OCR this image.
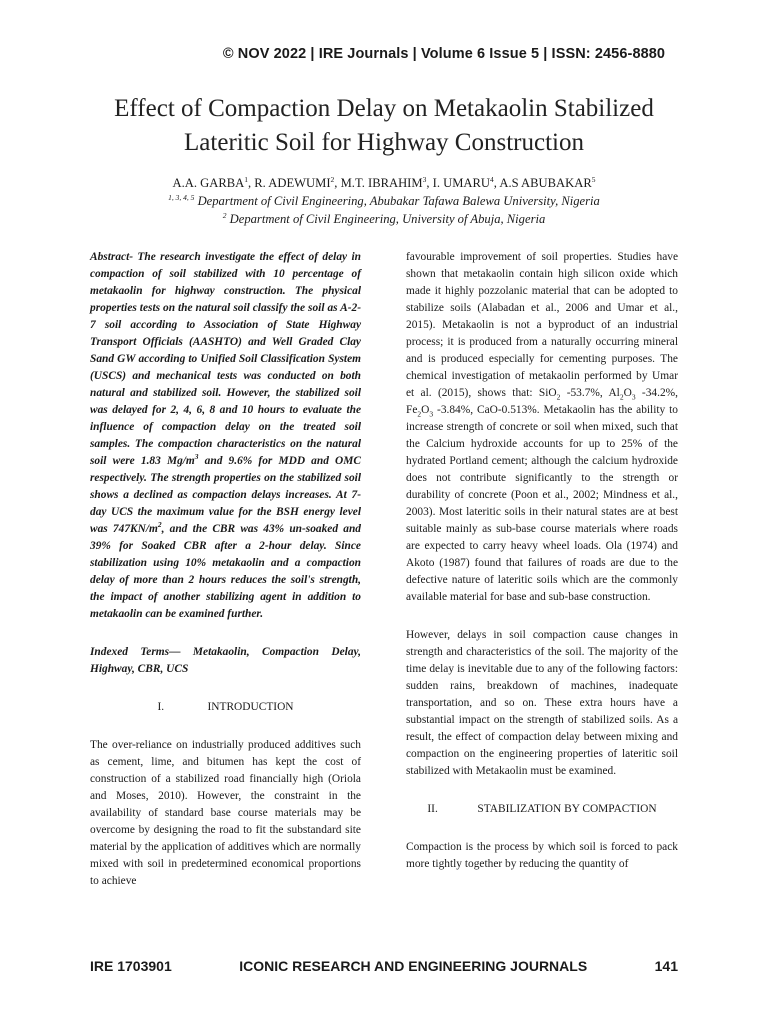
© NOV 2022 | IRE Journals | Volume 6 Issue 5 | ISSN: 2456-8880
Effect of Compaction Delay on Metakaolin Stabilized
Lateritic Soil for Highway Construction
A.A. GARBA$^1$, R. ADEWUMI$^2$, M.T. IBRAHIM$^3$, I. UMARU$^4$, A.S ABUBAKAR$^5$
$^{1, 3, 4, 5}$ Department of Civil Engineering, Abubakar Tafawa Balewa University, Nigeria
$^2$ Department of Civil Engineering, University of Abuja, Nigeria

Abstract- The research investigate the effect of delay in compaction of soil stabilized with 10 percentage of metakaolin for highway construction. The physical properties tests on the natural soil classify the soil as A-2-7 soil according to Association of State Highway Transport Officials (AASHTO) and Well Graded Clay Sand GW according to Unified Soil Classification System (USCS) and mechanical tests was conducted on both natural and stabilized soil. However, the stabilized soil was delayed for 2, 4, 6, 8 and 10 hours to evaluate the influence of compaction delay on the treated soil samples. The compaction characteristics on the natural soil were 1.83 $Mg/m^3$ and 9.6% for MDD and OMC respectively. The strength properties on the stabilized soil shows a declined as compaction delays increases. At 7-day UCS the maximum value for the BSH energy level was $747KN/m^2$, and the CBR was 43% un-soaked and 39% for Soaked CBR after a 2-hour delay. Since stabilization using 10% metakaolin and a compaction delay of more than 2 hours reduces the soil's strength, the impact of another stabilizing agent in addition to metakaolin can be examined further.

Indexed Terms— Metakaolin, Compaction Delay, Highway, CBR, UCS

I.	INTRODUCTION

The over-reliance on industrially produced additives such as cement, lime, and bitumen has kept the cost of construction of a stabilized road financially high (Oriola and Moses, 2010). However, the constraint in the availability of standard base course materials may be overcome by designing the road to fit the substandard site material by the application of additives which are normally mixed with soil in predetermined economical proportions to achieve

favourable improvement of soil properties. Studies have shown that metakaolin contain high silicon oxide which made it highly pozzolanic material that can be adopted to stabilize soils (Alabadan et al., 2006 and Umar et al., 2015). Metakaolin is not a byproduct of an industrial process; it is produced from a naturally occurring mineral and is produced especially for cementing purposes. The chemical investigation of metakaolin performed by Umar et al. (2015), shows that: SiO$_2$ -53.7%, $Al_2O_3$ -34.2%, $Fe_2O_3$ -3.84%, CaO-0.513%. Metakaolin has the ability to increase strength of concrete or soil when mixed, such that the Calcium hydroxide accounts for up to 25% of the hydrated Portland cement; although the calcium hydroxide does not contribute significantly to the strength or durability of concrete (Poon et al., 2002; Mindness et al., 2003). Most lateritic soils in their natural states are at best suitable mainly as sub-base course materials where roads are expected to carry heavy wheel loads. Ola (1974) and Akoto (1987) found that failures of roads are due to the defective nature of lateritic soils which are the commonly available material for base and sub-base construction.

However, delays in soil compaction cause changes in strength and characteristics of the soil. The majority of the time delay is inevitable due to any of the following factors: sudden rains, breakdown of machines, inadequate transportation, and so on. These extra hours have a substantial impact on the strength of stabilized soils. As a result, the effect of compaction delay between mixing and compaction on the engineering properties of lateritic soil stabilized with Metakaolin must be examined.

II.	STABILIZATION BY COMPACTION

Compaction is the process by which soil is forced to pack more tightly together by reducing the quantity of

IRE 1703901	ICONIC RESEARCH AND ENGINEERING JOURNALS	141
